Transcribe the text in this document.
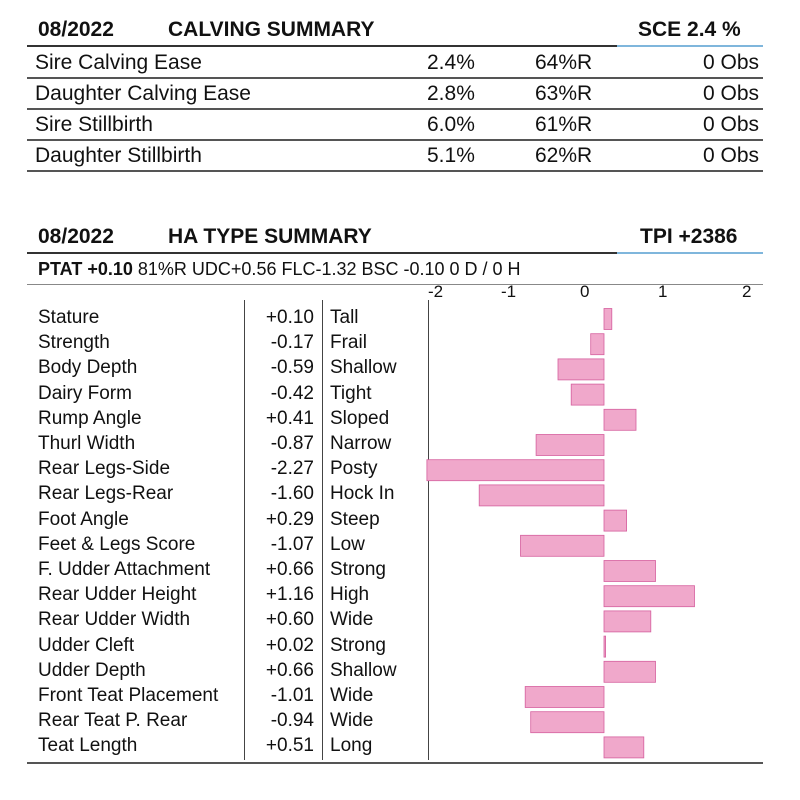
08/2022	CALVING SUMMARY	SCE 2.4 %
Sire Calving Ease	2.4%	64%R	0 Obs
Daughter Calving Ease	2.8%	63%R	0 Obs
Sire Stillbirth	6.0%	61%R	0 Obs
Daughter Stillbirth	5.1%	62%R	0 Obs
08/2022	HA TYPE SUMMARY	TPI +2386
PTAT +0.10 81%R UDC+0.56 FLC-1.32 BSC -0.10 0 D / 0 H
-2	-1	0	1	2
Stature	+0.10 Tall
Strength	-0.17 Frail
Body Depth	-0.59 Shallow
Dairy Form	-0.42 Tight
Rump Angle	+0.41 Sloped
Thurl Width	-0.87 Narrow
Rear Legs-Side	-2.27 Posty
Rear Legs-Rear	-1.60 Hock In
Foot Angle	+0.29 Steep
Feet & Legs Score	-1.07 Low
F. Udder Attachment	+0.66 Strong
Rear Udder Height	+1.16 High
Rear Udder Width	+0.60 Wide
Udder Cleft	+0.02 Strong
Udder Depth	+0.66 Shallow
Front Teat Placement	-1.01 Wide
Rear Teat P. Rear	-0.94 Wide
Teat Length	+0.51 Long
